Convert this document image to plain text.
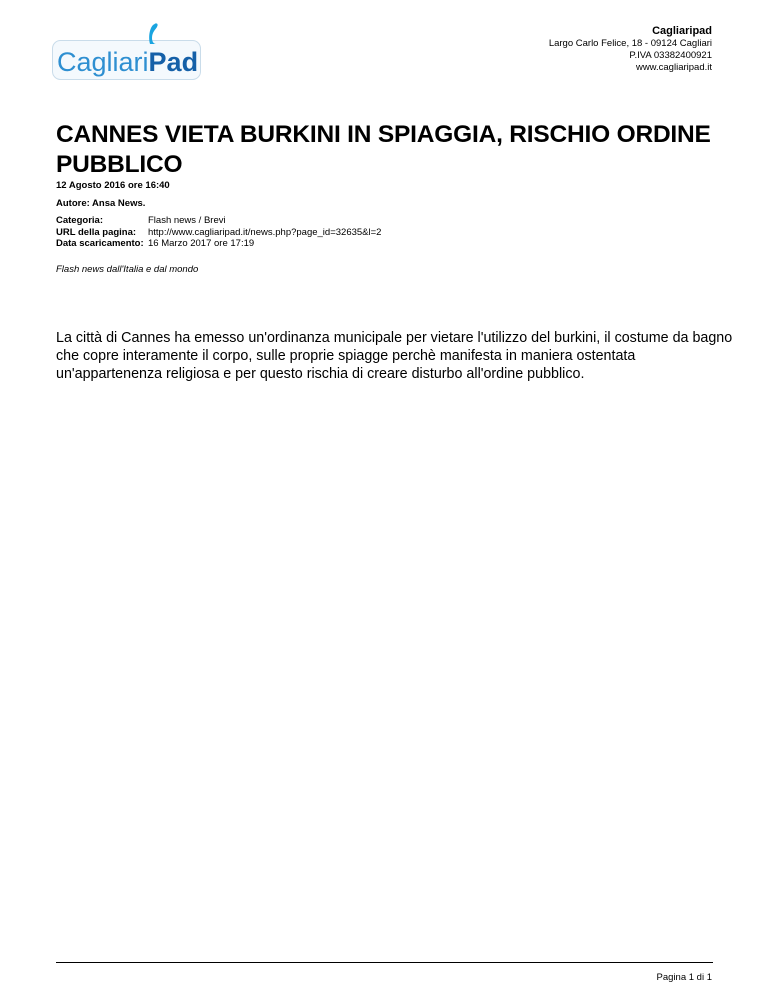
CagliariPad
Cagliaripad
Largo Carlo Felice, 18 - 09124 Cagliari
P.IVA 03382400921
www.cagliaripad.it
CANNES VIETA BURKINI IN SPIAGGIA, RISCHIO ORDINE PUBBLICO
12 Agosto 2016 ore 16:40
Autore: Ansa News.
Categoria:	Flash news / Brevi
URL della pagina:	http://www.cagliaripad.it/news.php?page_id=32635&l=2
Data scaricamento:	16 Marzo 2017 ore 17:19
Flash news dall'Italia e dal mondo

La città di Cannes ha emesso un'ordinanza municipale per vietare l'utilizzo del burkini, il costume da bagno che copre interamente il corpo, sulle proprie spiagge perchè manifesta in maniera ostentata un'appartenenza religiosa e per questo rischia di creare disturbo all'ordine pubblico.

Pagina 1 di 1
